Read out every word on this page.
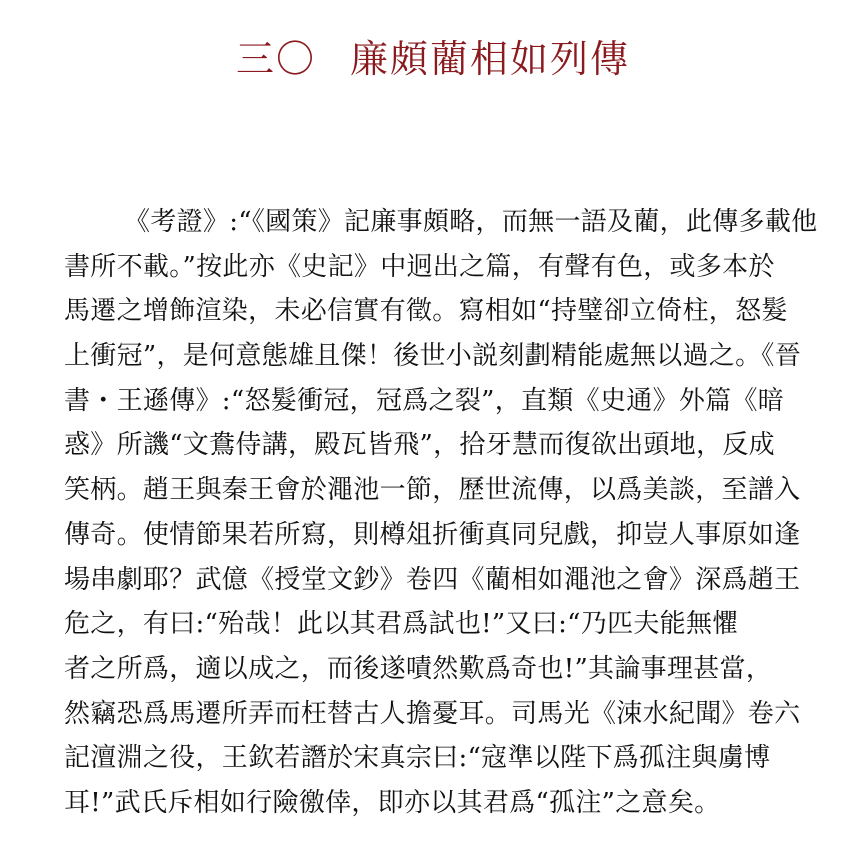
三〇 廉頗藺相如列傳
《考證》:“《國策》記廉事頗略，而無一語及藺，此傳多載他
書所不載。”按此亦《史記》中迥出之篇，有聲有色，或多本於
馬遷之增飾渲染，未必信實有徵。寫相如“持璧卻立倚柱，怒髮
上衝冠”，是何意態雄且傑！後世小説刻劃精能處無以過之。《晉
書・王遜傳》:“怒髮衝冠，冠爲之裂”，直類《史通》外篇《暗
惑》所譏“文鴦侍講，殿瓦皆飛”，拾牙慧而復欲出頭地，反成
笑柄。趙王與秦王會於澠池一節，歷世流傳，以爲美談，至譜入
傳奇。使情節果若所寫，則樽俎折衝真同兒戲，抑豈人事原如逢
場串劇耶？武億《授堂文鈔》卷四《藺相如澠池之會》深爲趙王
危之，有曰:“殆哉！此以其君爲試也!”又曰:“乃匹夫能無懼
者之所爲，適以成之，而後遂嘖然歎爲奇也!”其論事理甚當，
然竊恐爲馬遷所弄而枉替古人擔憂耳。司馬光《涑水紀聞》卷六
記澶淵之役，王欽若譖於宋真宗曰:“寇準以陛下爲孤注與虜博
耳!”武氏斥相如行險徼倖，即亦以其君爲“孤注”之意矣。
